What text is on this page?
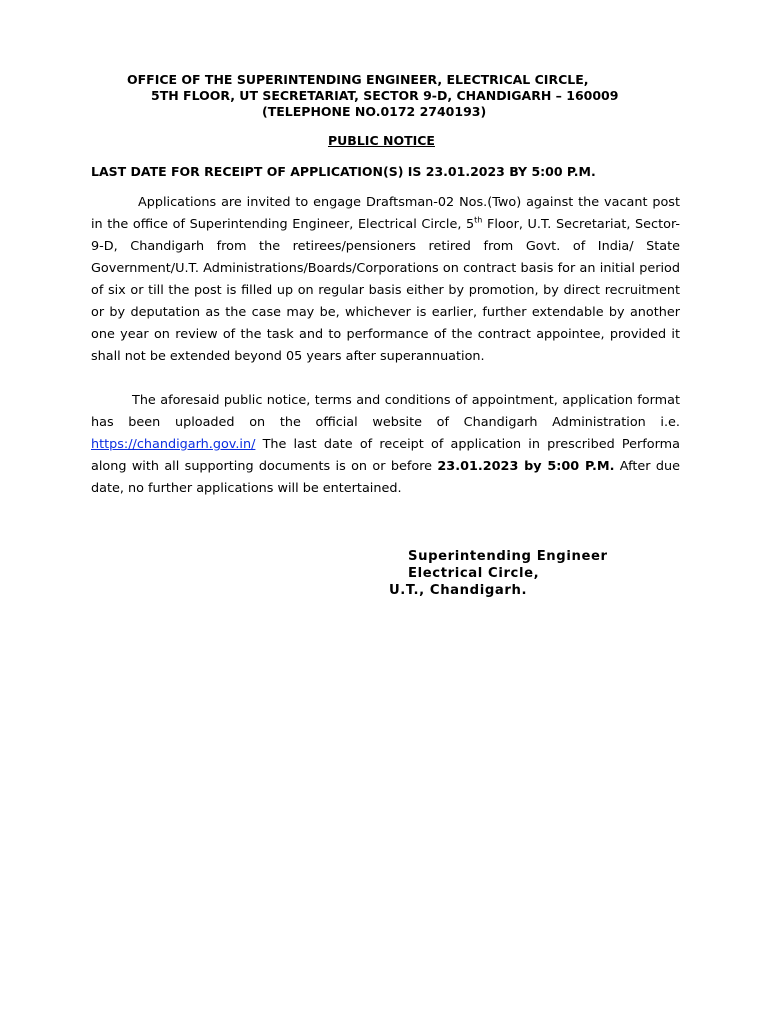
OFFICE OF THE SUPERINTENDING ENGINEER, ELECTRICAL CIRCLE,
5TH FLOOR, UT SECRETARIAT, SECTOR 9-D, CHANDIGARH – 160009
(TELEPHONE NO.0172 2740193)
PUBLIC NOTICE
LAST DATE FOR RECEIPT OF APPLICATION(S) IS 23.01.2023 BY 5:00 P.M.
Applications are invited to engage Draftsman-02 Nos.(Two) against the vacant post in the office of Superintending Engineer, Electrical Circle, 5th Floor, U.T. Secretariat, Sector-9-D, Chandigarh from the retirees/pensioners retired from Govt. of India/ State Government/U.T. Administrations/Boards/Corporations on contract basis for an initial period of six or till the post is filled up on regular basis either by promotion, by direct recruitment or by deputation as the case may be, whichever is earlier, further extendable by another one year on review of the task and to performance of the contract appointee, provided it shall not be extended beyond 05 years after superannuation.
The aforesaid public notice, terms and conditions of appointment, application format has been uploaded on the official website of Chandigarh Administration i.e. https://chandigarh.gov.in/ The last date of receipt of application in prescribed Performa along with all supporting documents is on or before 23.01.2023 by 5:00 P.M. After due date, no further applications will be entertained.
Superintending Engineer
Electrical Circle,
U.T., Chandigarh.
